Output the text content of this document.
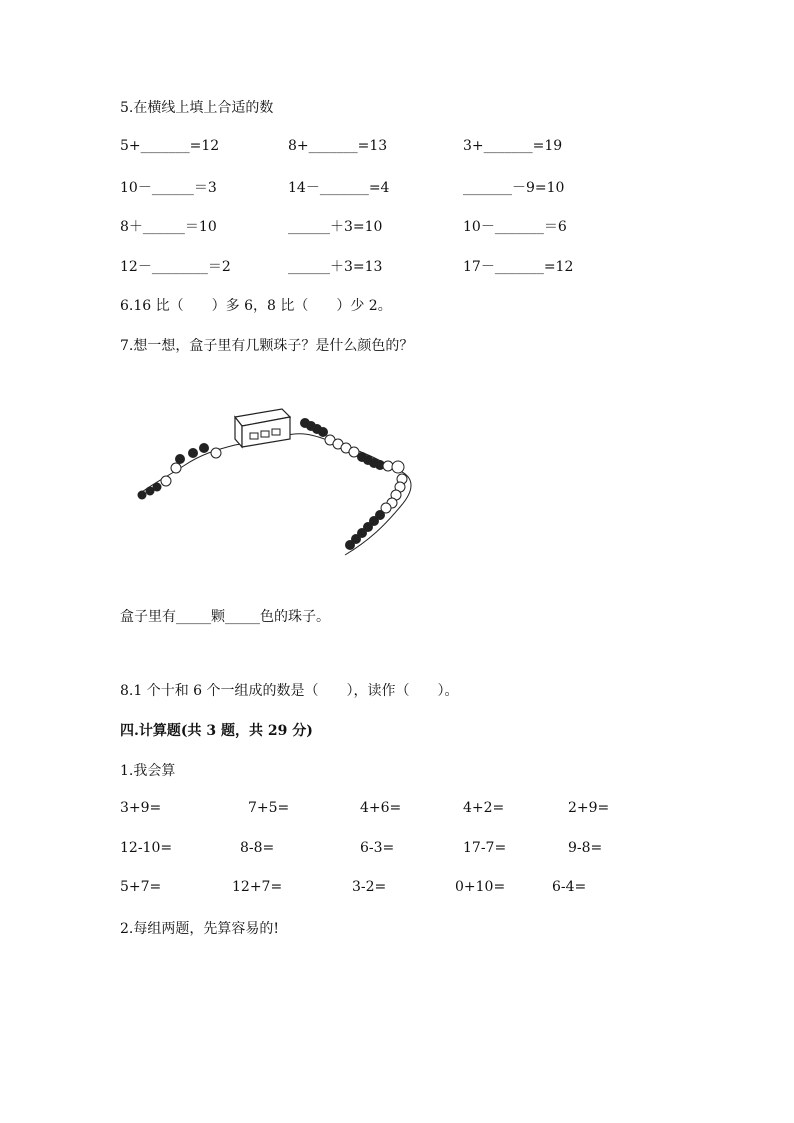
5.在横线上填上合适的数
5+_______=12	8+_______=13	3+_______=19
10－______＝3	14－_______=4	_______－9=10
8＋______＝10	______＋3=10	10－_______＝6
12－________＝2	______＋3=13	17－_______=12
6.16 比（　　）多 6，8 比（　　）少 2。
7.想一想，盒子里有几颗珠子？是什么颜色的？
盒子里有_____颗_____色的珠子。
8.1 个十和 6 个一组成的数是（　　），读作（　　）。
四.计算题(共 3 题，共 29 分)
1.我会算
3+9=	7+5=	4+6=	4+2=	2+9=
12-10=	8-8=	6-3=	17-7=	9-8=
5+7=	12+7=	3-2=	0+10=	6-4=
2.每组两题，先算容易的!
